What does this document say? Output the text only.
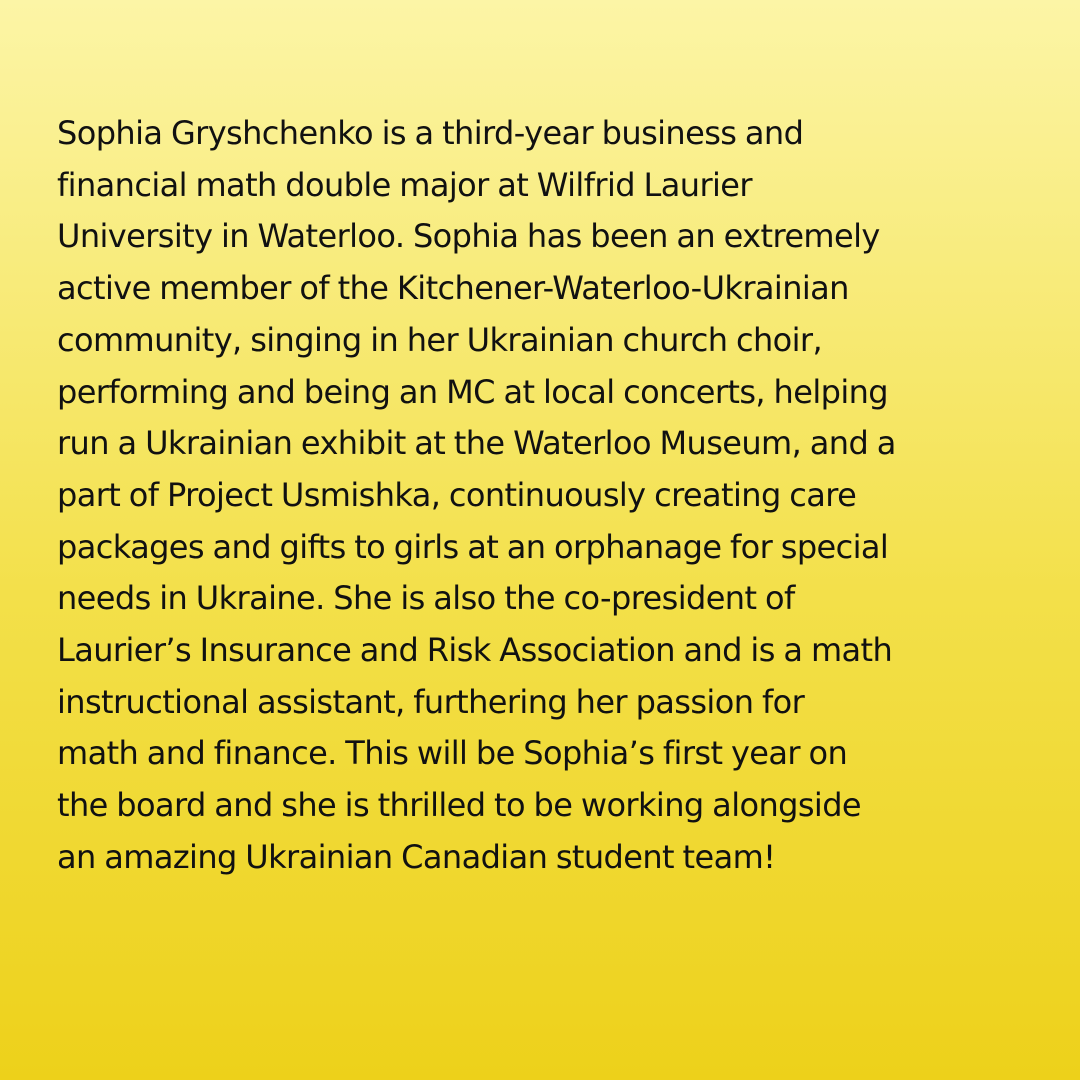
Sophia Gryshchenko is a third-year business and
financial math double major at Wilfrid Laurier
University in Waterloo. Sophia has been an extremely
active member of the Kitchener-Waterloo-Ukrainian
community, singing in her Ukrainian church choir,
performing and being an MC at local concerts, helping
run a Ukrainian exhibit at the Waterloo Museum, and a
part of Project Usmishka, continuously creating care
packages and gifts to girls at an orphanage for special
needs in Ukraine. She is also the co-president of
Laurier’s Insurance and Risk Association and is a math
instructional assistant, furthering her passion for
math and finance. This will be Sophia’s first year on
the board and she is thrilled to be working alongside
an amazing Ukrainian Canadian student team!
